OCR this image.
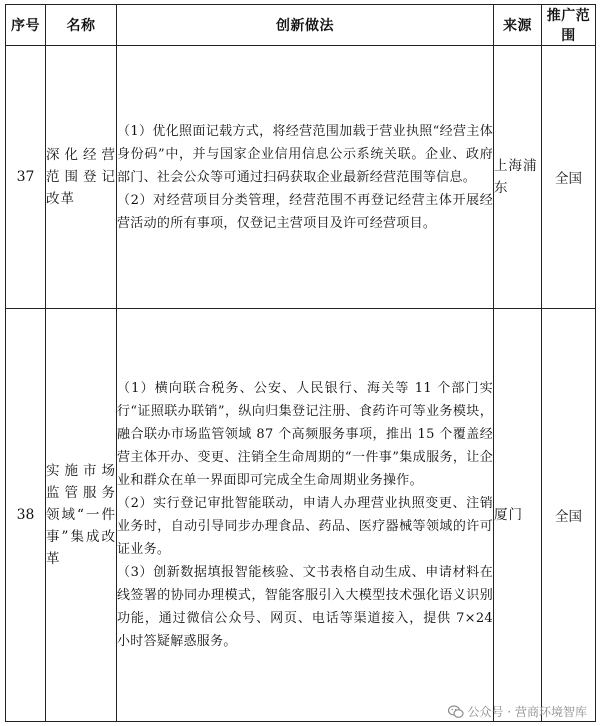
序号	名称	创新做法	来源	推广范围
37	深化经营范围登记改革	（1）优化照面记载方式，将经营范围加载于营业执照“经营主体身份码”中，并与国家企业信用信息公示系统关联。企业、政府部门、社会公众等可通过扫码获取企业最新经营范围等信息。

（2）对经营项目分类管理，经营范围不再登记经营主体开展经营活动的所有事项，仅登记主营项目及许可经营项目。	上海浦东	全国
38	实施市场监管服务领域“一件事”集成改革	（1）横向联合税务、公安、人民银行、海关等 11 个部门实行“证照联办联销”，纵向归集登记注册、食药许可等业务模块，融合联办市场监管领域 87 个高频服务事项，推出 15 个覆盖经营主体开办、变更、注销全生命周期的“一件事”集成服务，让企业和群众在单一界面即可完成全生命周期业务操作。

（2）实行登记审批智能联动，申请人办理营业执照变更、注销业务时，自动引导同步办理食品、药品、医疗器械等领域的许可证业务。

（3）创新数据填报智能核验、文书表格自动生成、申请材料在线签署的协同办理模式，智能客服引入大模型技术强化语义识别功能，通过微信公众号、网页、电话等渠道接入，提供 7×24 小时答疑解惑服务。	厦门	全国
公众号 · 营商环境智库
